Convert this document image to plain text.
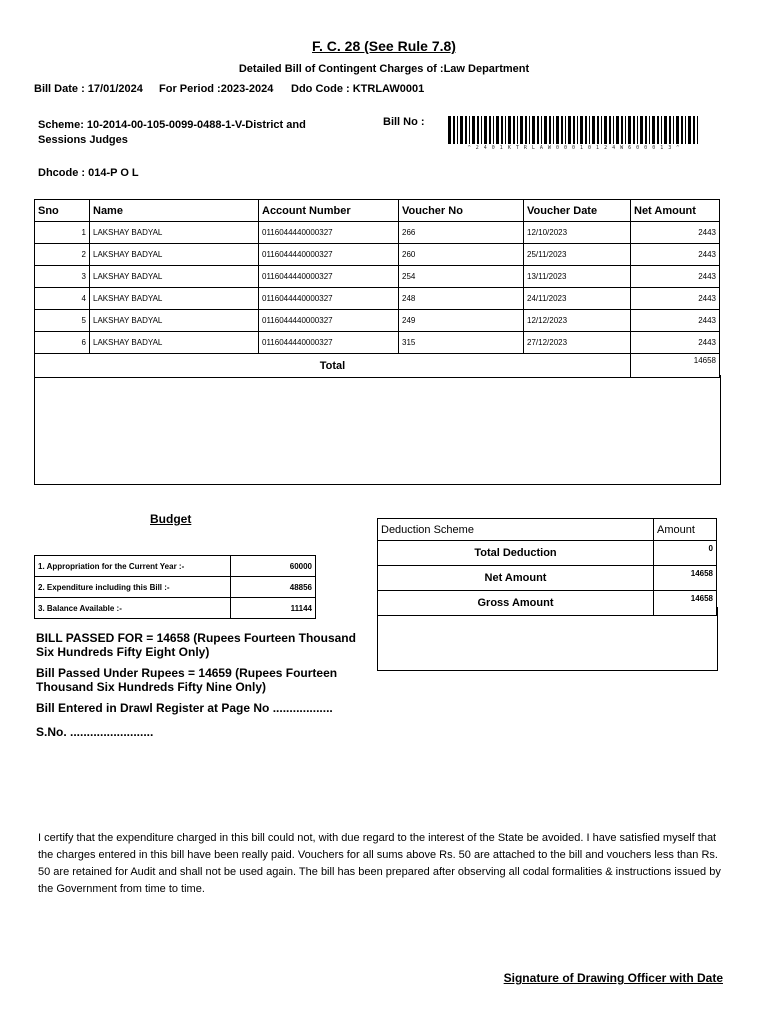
F. C. 28 (See Rule 7.8)
Detailed Bill of Contingent Charges of :Law Department
Bill Date : 17/01/2024 For Period :2023-2024 Ddo Code : KTRLAW0001
Scheme: 10-2014-00-105-0099-0488-1-V-District and Sessions Judges
Bill No :
^ 2 4 0 1 K T R L A W 0 0 0 1 0 1 2 4 W 6 0 0 0 1 3 ^
Dhcode : 014-P O L
Sno	Name	Account Number	Voucher No	Voucher Date	Net Amount
1	LAKSHAY BADYAL	0116044440000327	266	12/10/2023	2443
2	LAKSHAY BADYAL	0116044440000327	260	25/11/2023	2443
3	LAKSHAY BADYAL	0116044440000327	254	13/11/2023	2443
4	LAKSHAY BADYAL	0116044440000327	248	24/11/2023	2443
5	LAKSHAY BADYAL	0116044440000327	249	12/12/2023	2443
6	LAKSHAY BADYAL	0116044440000327	315	27/12/2023	2443
Total					14658
Budget
1. Appropriation for the Current Year :-	60000
2. Expenditure including this Bill :-	48856
3. Balance Available :-	11144
Deduction Scheme	Amount
Total Deduction	0
Net Amount	14658
Gross Amount	14658
BILL PASSED FOR = 14658 (Rupees Fourteen Thousand Six Hundreds Fifty Eight Only)
Bill Passed Under Rupees = 14659 (Rupees Fourteen Thousand Six Hundreds Fifty Nine Only)
Bill Entered in Drawl Register at Page No ..................
S.No. .........................
I certify that the expenditure charged in this bill could not, with due regard to the interest of the State be avoided. I have satisfied myself that the charges entered in this bill have been really paid. Vouchers for all sums above Rs. 50 are attached to the bill and vouchers less than Rs. 50 are retained for Audit and shall not be used again. The bill has been prepared after observing all codal formalities & instructions issued by the Government from time to time.
Signature of Drawing Officer with Date
